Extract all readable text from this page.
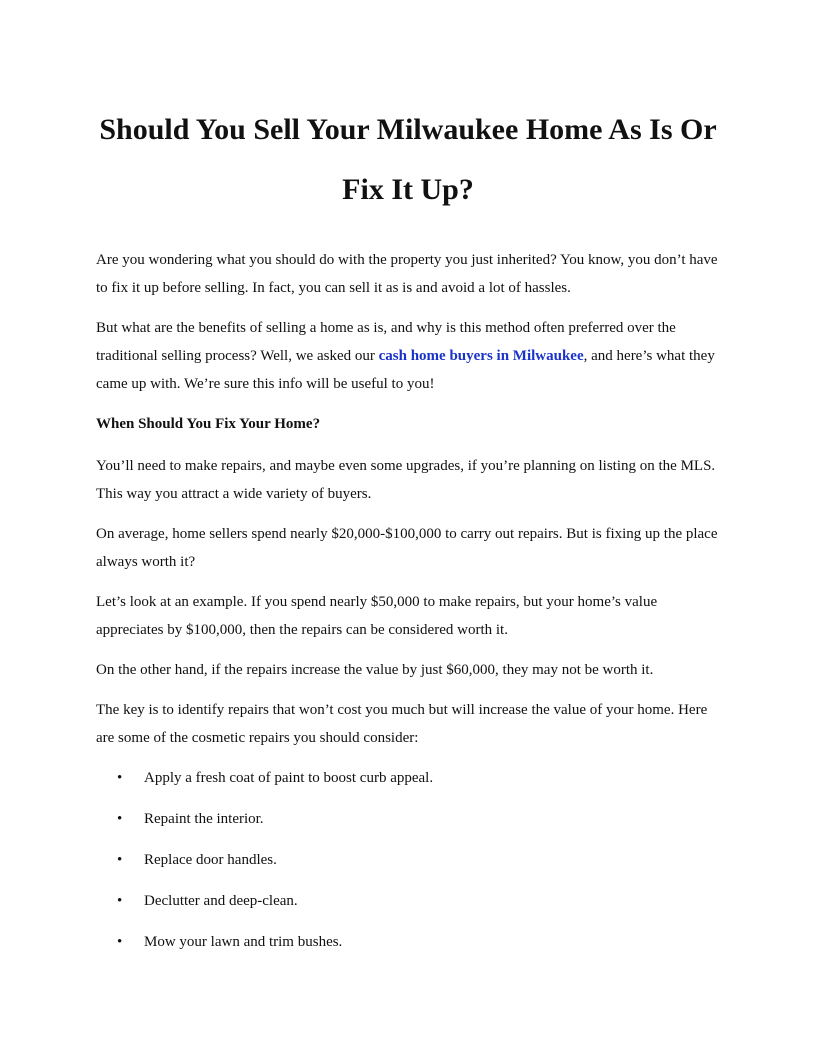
Should You Sell Your Milwaukee Home As Is Or Fix It Up?

Are you wondering what you should do with the property you just inherited? You know, you don’t have to fix it up before selling. In fact, you can sell it as is and avoid a lot of hassles.

But what are the benefits of selling a home as is, and why is this method often preferred over the traditional selling process? Well, we asked our cash home buyers in Milwaukee, and here’s what they came up with. We’re sure this info will be useful to you!

When Should You Fix Your Home?

You’ll need to make repairs, and maybe even some upgrades, if you’re planning on listing on the MLS. This way you attract a wide variety of buyers.

On average, home sellers spend nearly $20,000-$100,000 to carry out repairs. But is fixing up the place always worth it?

Let’s look at an example. If you spend nearly $50,000 to make repairs, but your home’s value appreciates by $100,000, then the repairs can be considered worth it.

On the other hand, if the repairs increase the value by just $60,000, they may not be worth it.

The key is to identify repairs that won’t cost you much but will increase the value of your home. Here are some of the cosmetic repairs you should consider:

• Apply a fresh coat of paint to boost curb appeal.
• Repaint the interior.
• Replace door handles.
• Declutter and deep-clean.
• Mow your lawn and trim bushes.
